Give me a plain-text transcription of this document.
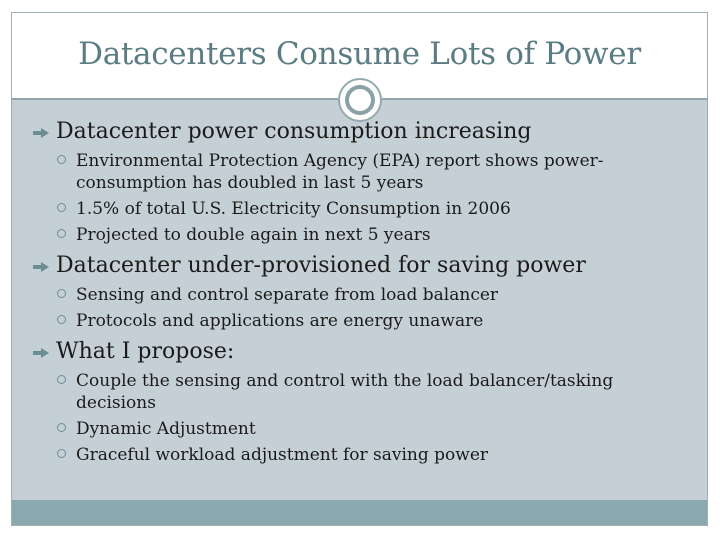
Datacenters Consume Lots of Power
Datacenter power consumption increasing
Environmental Protection Agency (EPA) report shows power-consumption has doubled in last 5 years
1.5% of total U.S. Electricity Consumption in 2006
Projected to double again in next 5 years
Datacenter under-provisioned for saving power
Sensing and control separate from load balancer
Protocols and applications are energy unaware
What I propose:
Couple the sensing and control with the load balancer/tasking decisions
Dynamic Adjustment
Graceful workload adjustment for saving power
